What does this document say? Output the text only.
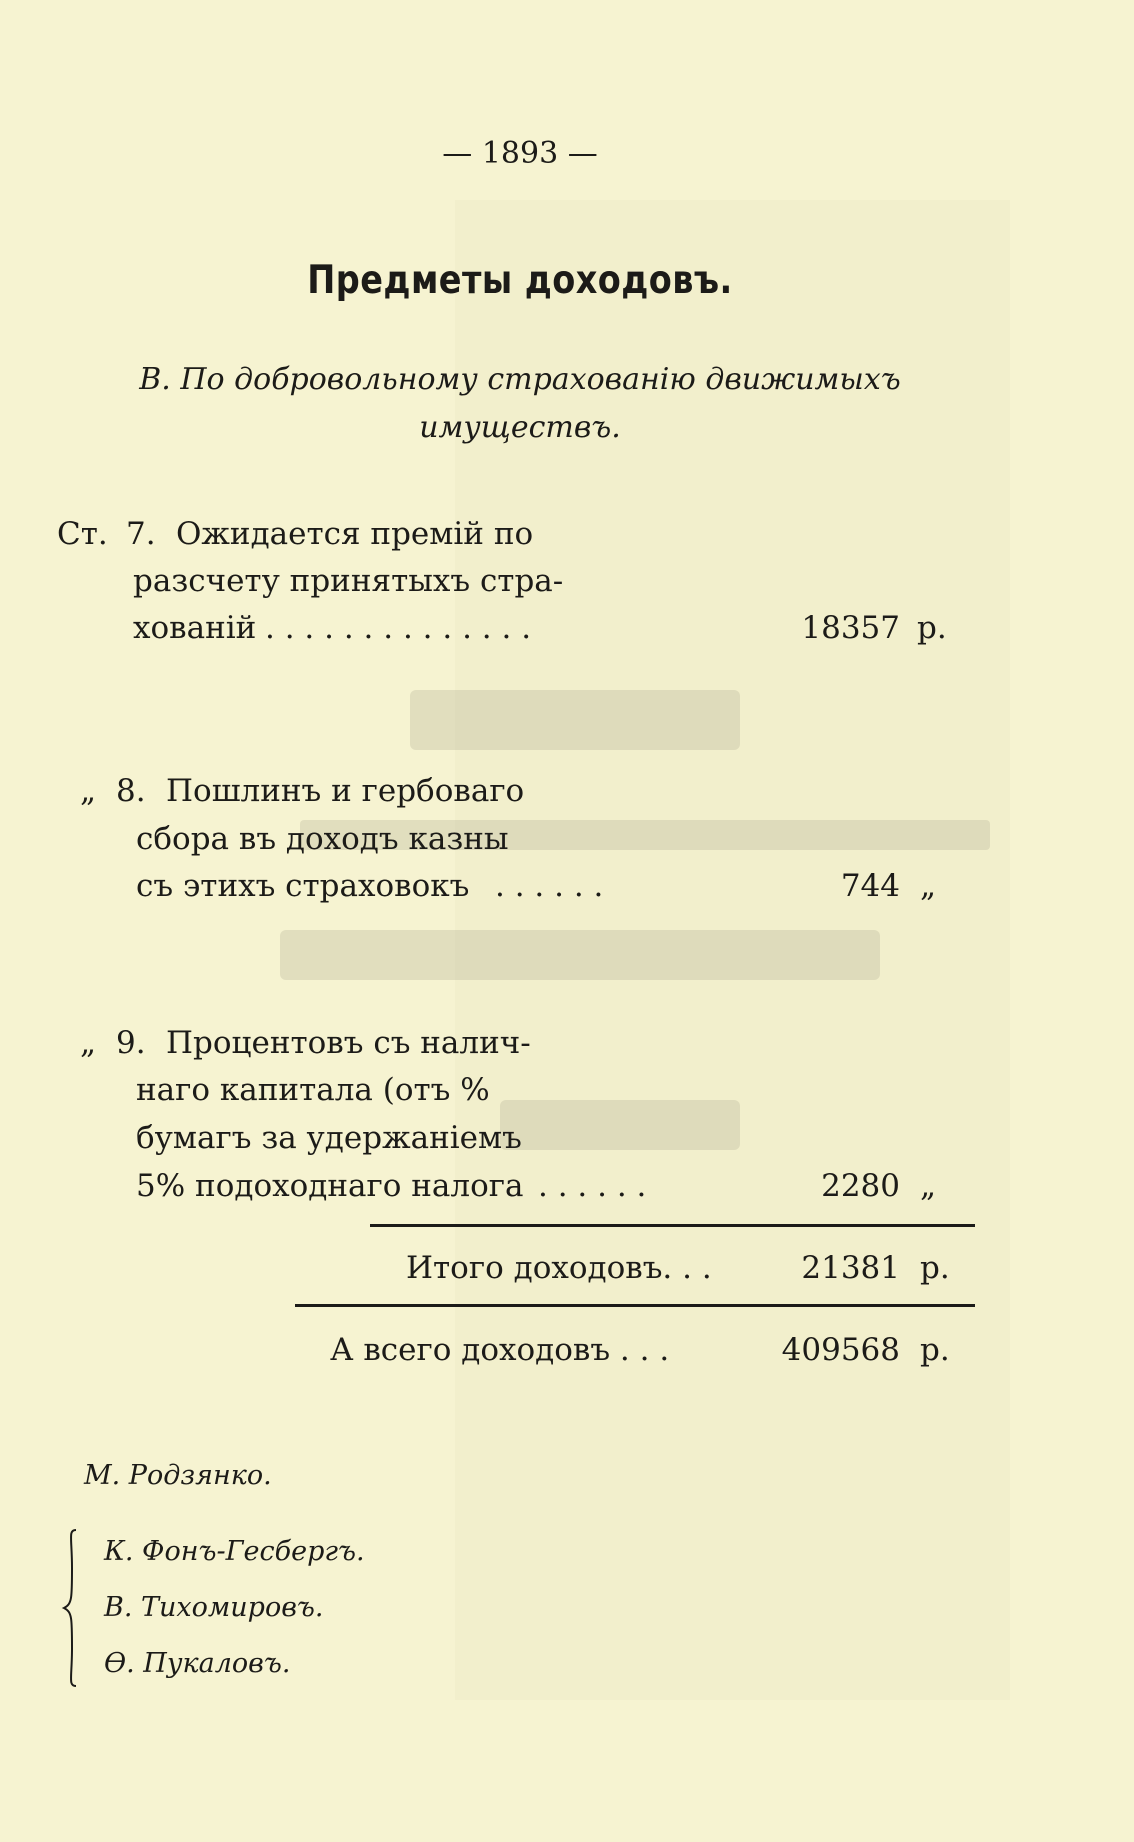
— 1893 —
Предметы доходовъ.
В. По добровольному страхованію движимыхъ
имуществъ.
Ст. 7. Ожидается премій по
разсчету принятыхъ стра-
хованій . . . . . . . . . . . . . .	18357 р.
„ 8. Пошлинъ и гербоваго
сбора въ доходъ казны
съ этихъ страховокъ . . . . . .	744 „
„ 9. Процентовъ съ налич-
наго капитала (отъ %
бумагъ за удержаніемъ
5% подоходнаго налога . . . . . .	2280 „
Итого доходовъ. . .	21381 р.
А всего доходовъ . . .	409568 р.
М. Родзянко.
К. Фонъ-Гесбергъ.
В. Тихомировъ.
Ѳ. Пукаловъ.
